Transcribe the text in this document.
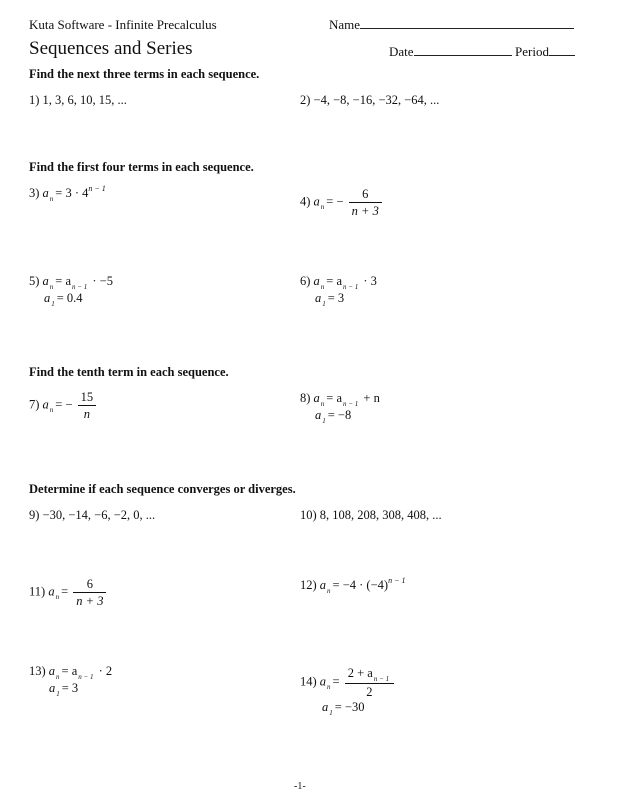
Kuta Software - Infinite Precalculus	Name
Sequences and Series	Date	Period
Find the next three terms in each sequence.
1) 1, 3, 6, 10, 15, ...	2) −4, −8, −16, −32, −64, ...
Find the first four terms in each sequence.
3) $a_n = 3 \cdot 4^{n - 1}$
4) $a_n$ = − $\frac{6}{n + 3}$
5) $a_n = a_{n - 1} \cdot -5$
$a_1 = 0.4$
6) $a_n = a_{n - 1} \cdot 3$
$a_1 = 3$
Find the tenth term in each sequence.
7) $a_n$ = − $\frac{15}{n}$	8) $a_n = a_{n - 1} + n$
$a_1 = -8$
Determine if each sequence converges or diverges.
9) −30, −14, −6, −2, 0, ...	10) 8, 108, 208, 308, 408, ...
11) $a_n = \frac{6}{n + 3}$	12) $a_n = -4 \cdot (-4)^{n - 1}$
13) $a_n = a_{n - 1} \cdot 2$
$a_1 = 3$	14) $a_n = \frac{2 + a_{n - 1}}{2}$
$a_1 = -30$
-1-
